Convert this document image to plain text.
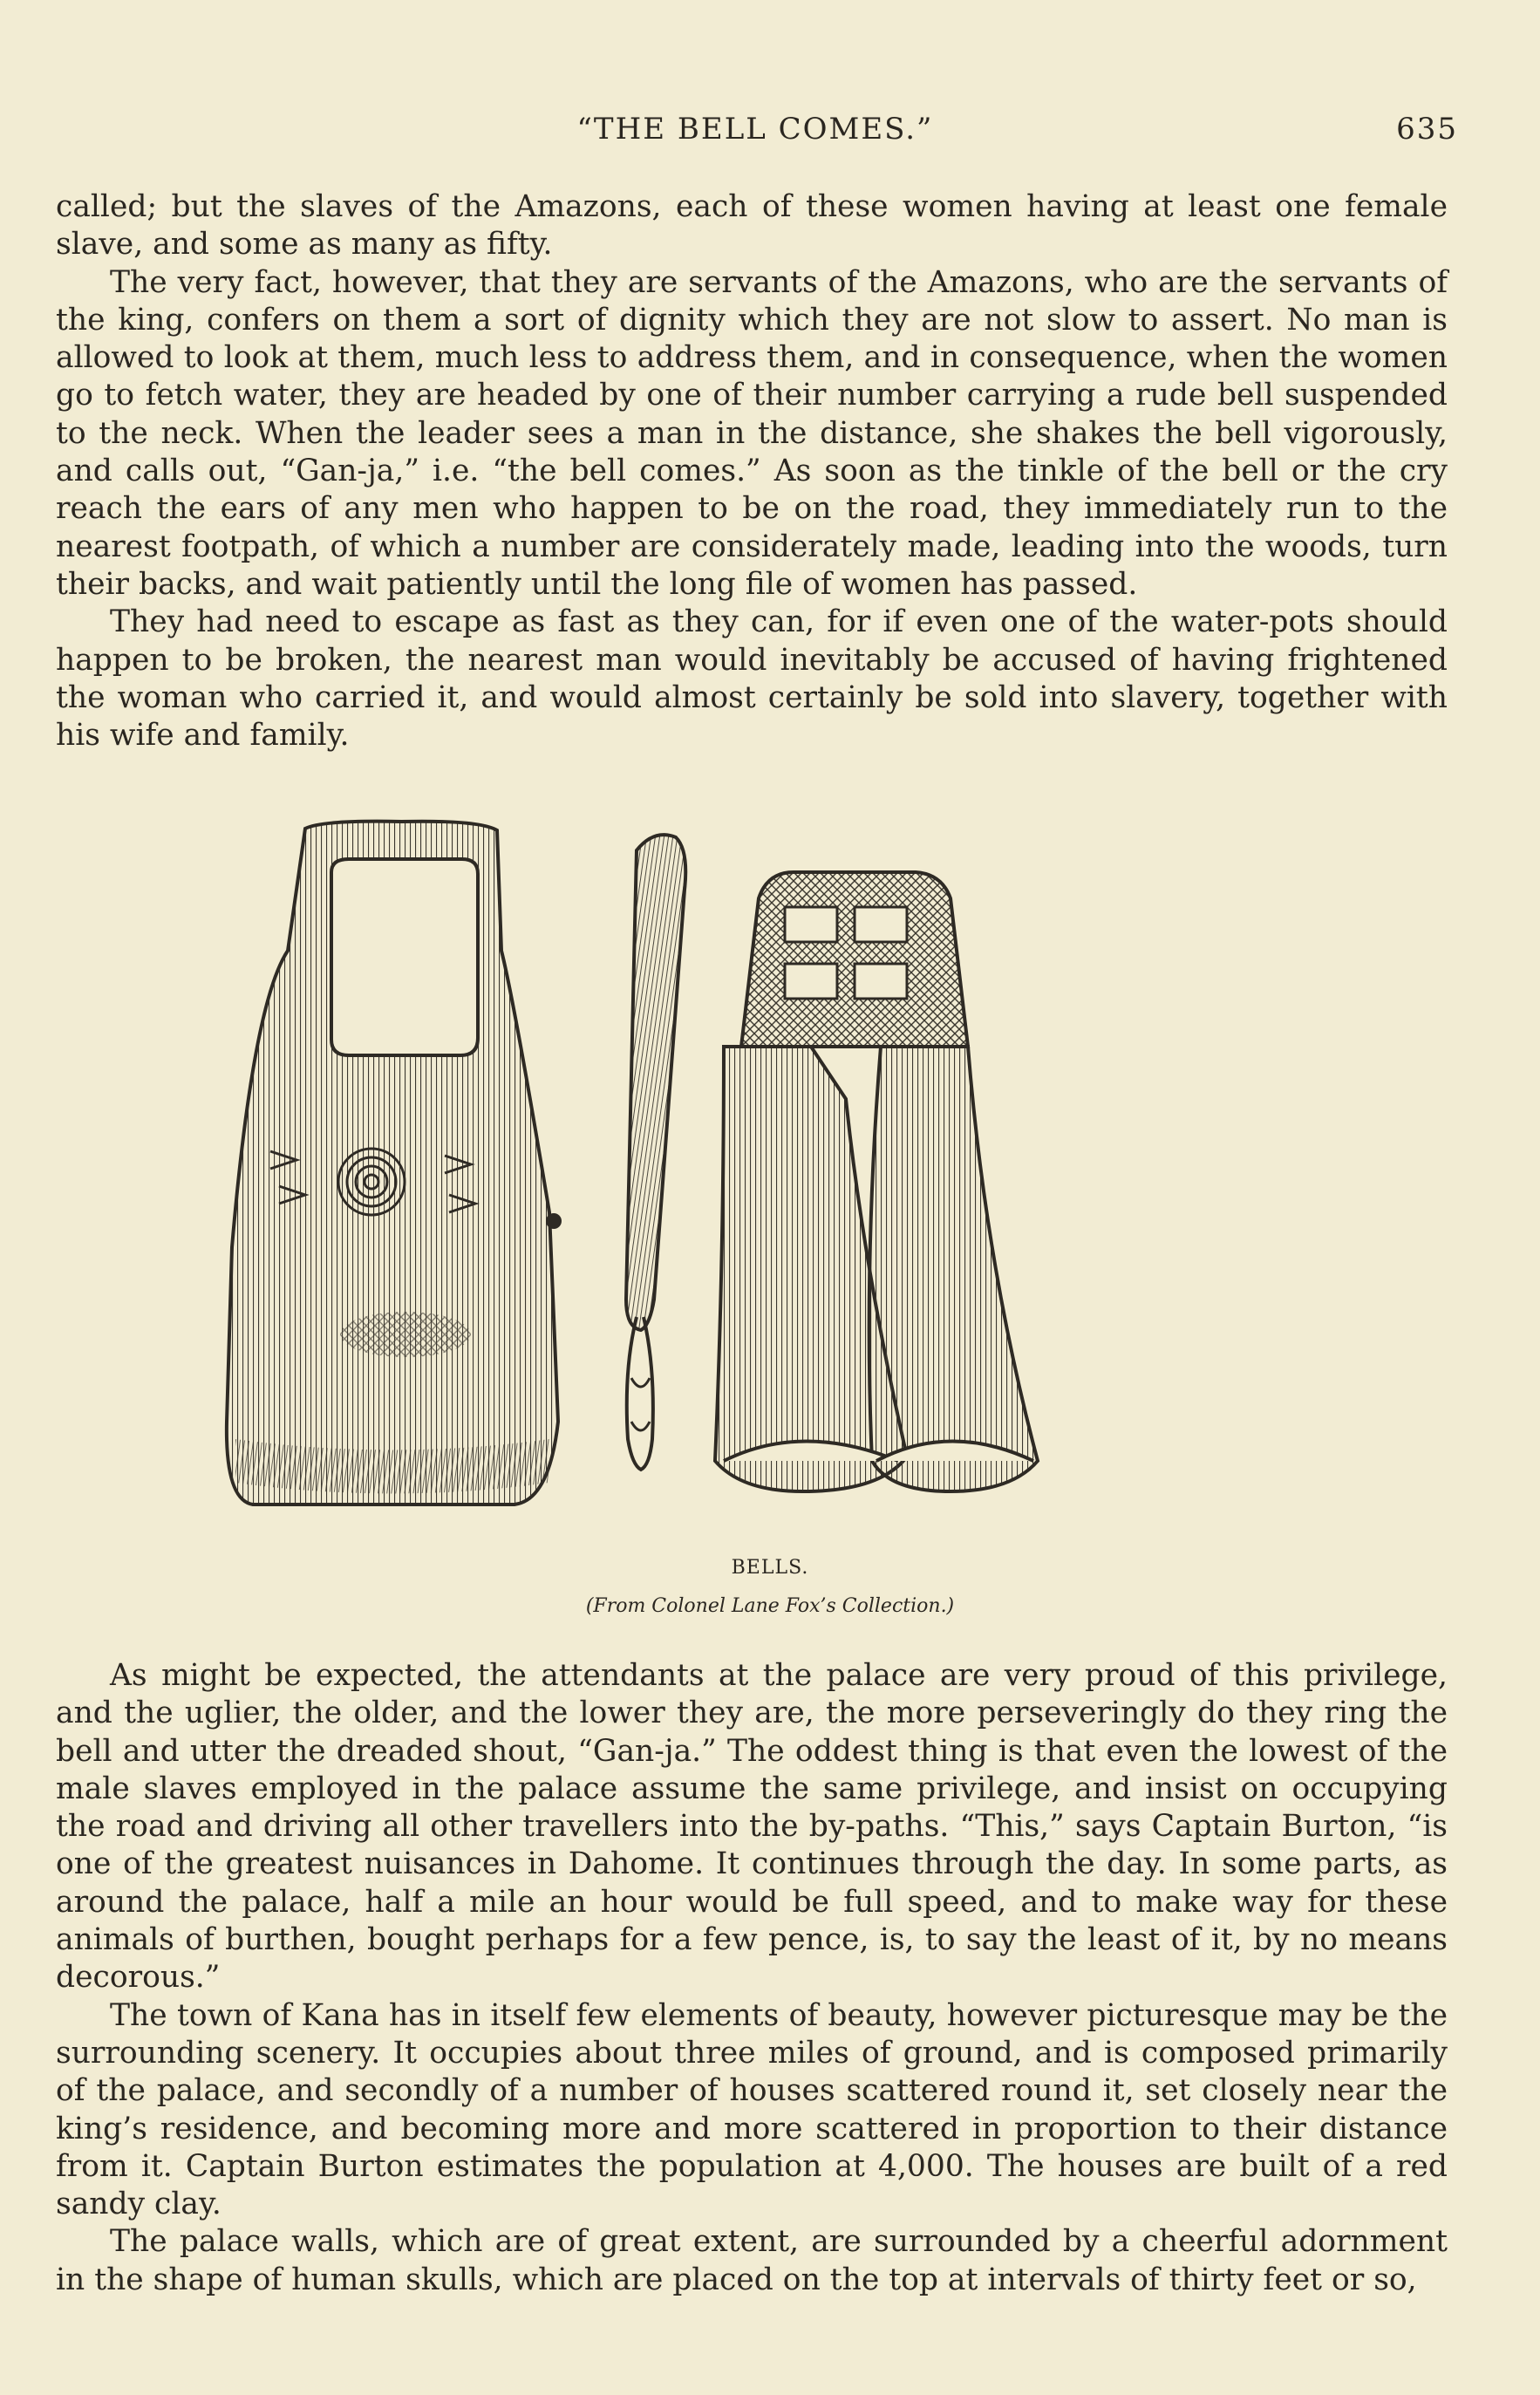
“THE BELL COMES.”	635

called; but the slaves of the Amazons, each of these women having at least one female slave, and some as many as fifty.

The very fact, however, that they are servants of the Amazons, who are the servants of the king, confers on them a sort of dignity which they are not slow to assert. No man is allowed to look at them, much less to address them, and in consequence, when the women go to fetch water, they are headed by one of their number carrying a rude bell suspended to the neck. When the leader sees a man in the distance, she shakes the bell vigorously, and calls out, “Gan-ja,” i.e. “the bell comes.” As soon as the tinkle of the bell or the cry reach the ears of any men who happen to be on the road, they immediately run to the nearest footpath, of which a number are considerately made, leading into the woods, turn their backs, and wait patiently until the long file of women has passed.

They had need to escape as fast as they can, for if even one of the water-pots should happen to be broken, the nearest man would inevitably be accused of having frightened the woman who carried it, and would almost certainly be sold into slavery, together with his wife and family.

BELLS.
(From Colonel Lane Fox’s Collection.)

As might be expected, the attendants at the palace are very proud of this privilege, and the uglier, the older, and the lower they are, the more perseveringly do they ring the bell and utter the dreaded shout, “Gan-ja.” The oddest thing is that even the lowest of the male slaves employed in the palace assume the same privilege, and insist on occupying the road and driving all other travellers into the by-paths. “This,” says Captain Burton, “is one of the greatest nuisances in Dahome. It continues through the day. In some parts, as around the palace, half a mile an hour would be full speed, and to make way for these animals of burthen, bought perhaps for a few pence, is, to say the least of it, by no means decorous.”

The town of Kana has in itself few elements of beauty, however picturesque may be the surrounding scenery. It occupies about three miles of ground, and is composed primarily of the palace, and secondly of a number of houses scattered round it, set closely near the king’s residence, and becoming more and more scattered in proportion to their distance from it. Captain Burton estimates the population at 4,000. The houses are built of a red sandy clay.

The palace walls, which are of great extent, are surrounded by a cheerful adornment in the shape of human skulls, which are placed on the top at intervals of thirty feet or so,
